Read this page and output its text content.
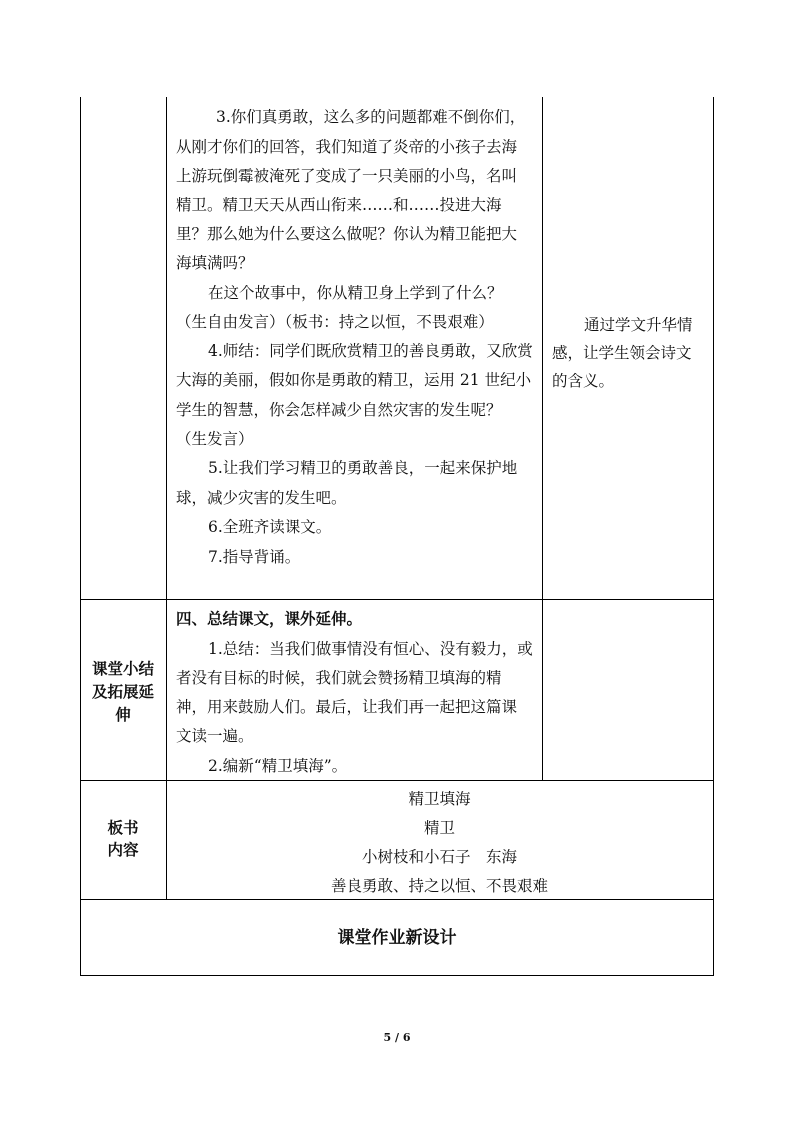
3.你们真勇敢，这么多的问题都难不倒你们，

从刚才你们的回答，我们知道了炎帝的小孩子去海

上游玩倒霉被淹死了变成了一只美丽的小鸟，名叫

精卫。精卫天天从西山衔来……和……投进大海

里？那么她为什么要这么做呢？你认为精卫能把大

海填满吗？

在这个故事中，你从精卫身上学到了什么？

（生自由发言）（板书：持之以恒，不畏艰难）

4.师结：同学们既欣赏精卫的善良勇敢，又欣赏

大海的美丽，假如你是勇敢的精卫，运用 21 世纪小

学生的智慧，你会怎样减少自然灾害的发生呢？

（生发言）

5.让我们学习精卫的勇敢善良，一起来保护地

球，减少灾害的发生吧。

6.全班齐读课文。

7.指导背诵。

通过学文升华情

感，让学生领会诗文

的含义。

课堂小结

及拓展延

伸

四、总结课文，课外延伸。

1.总结：当我们做事情没有恒心、没有毅力，或

者没有目标的时候，我们就会赞扬精卫填海的精

神，用来鼓励人们。最后，让我们再一起把这篇课

文读一遍。

2.编新“精卫填海”。

板书

内容

精卫填海

精卫

小树枝和小石子　东海

善良勇敢、持之以恒、不畏艰难

课堂作业新设计

5 / 6
